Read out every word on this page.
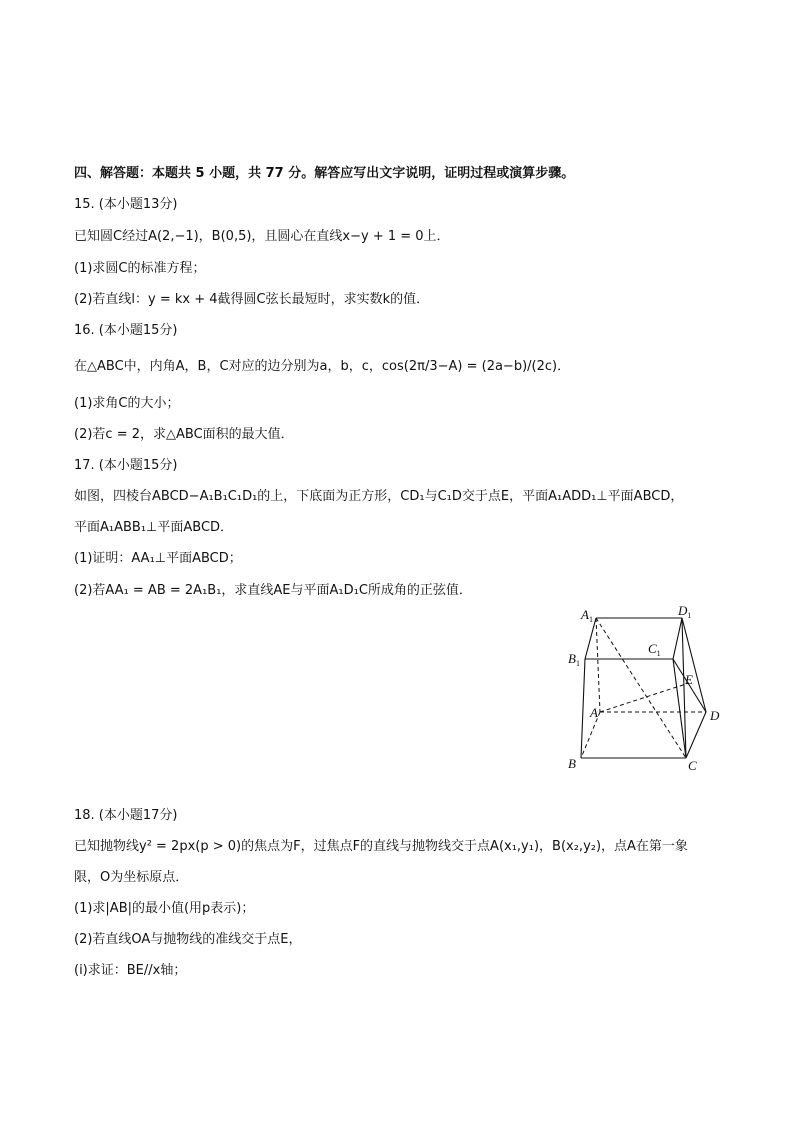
四、解答题：本题共 5 小题，共 77 分。解答应写出文字说明，证明过程或演算步骤。
15. (本小题13分)
已知圆C经过A(2,−1)，B(0,5)，且圆心在直线x−y + 1 = 0上．
(1)求圆C的标准方程；
(2)若直线l：y = kx + 4截得圆C弦长最短时，求实数k的值．
16. (本小题15分)
在△ABC中，内角A，B，C对应的边分别为a，b，c，cos(2π/3−A) = (2a−b)/(2c)．
(1)求角C的大小；
(2)若c = 2，求△ABC面积的最大值．
17. (本小题15分)
如图，四棱台ABCD−A₁B₁C₁D₁的上，下底面为正方形，CD₁与C₁D交于点E，平面A₁ADD₁⊥平面ABCD，
平面A₁ABB₁⊥平面ABCD．
(1)证明：AA₁⊥平面ABCD；
(2)若AA₁ = AB = 2A₁B₁，求直线AE与平面A₁D₁C所成角的正弦值．
$A_1$
$D_1$
$B_1$
$C_1$
E
A	D
B	C
18. (本小题17分)
已知抛物线y² = 2px(p > 0)的焦点为F，过焦点F的直线与抛物线交于点A(x₁,y₁)，B(x₂,y₂)，点A在第一象
限，O为坐标原点．
(1)求|AB|的最小值(用p表示)；
(2)若直线OA与抛物线的准线交于点E，
(i)求证：BE//x轴；
